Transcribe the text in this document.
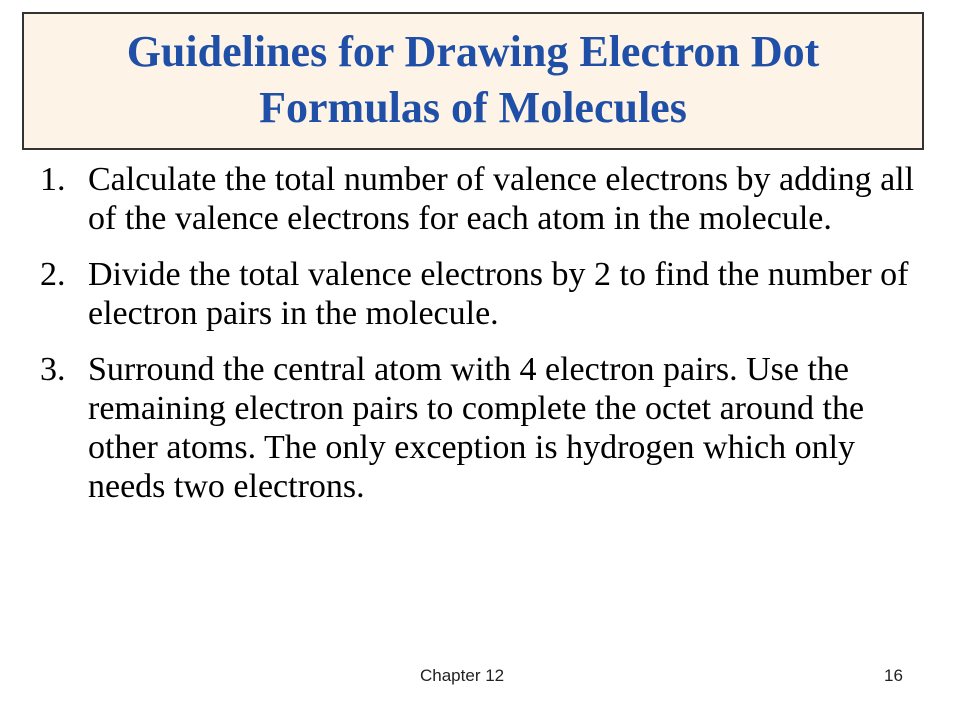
Guidelines for Drawing Electron Dot
Formulas of Molecules
1. Calculate the total number of valence electrons by adding all of the valence electrons for each atom in the molecule.
2. Divide the total valence electrons by 2 to find the number of electron pairs in the molecule.
3. Surround the central atom with 4 electron pairs. Use the remaining electron pairs to complete the octet around the other atoms. The only exception is hydrogen which only needs two electrons.
Chapter 12	16
